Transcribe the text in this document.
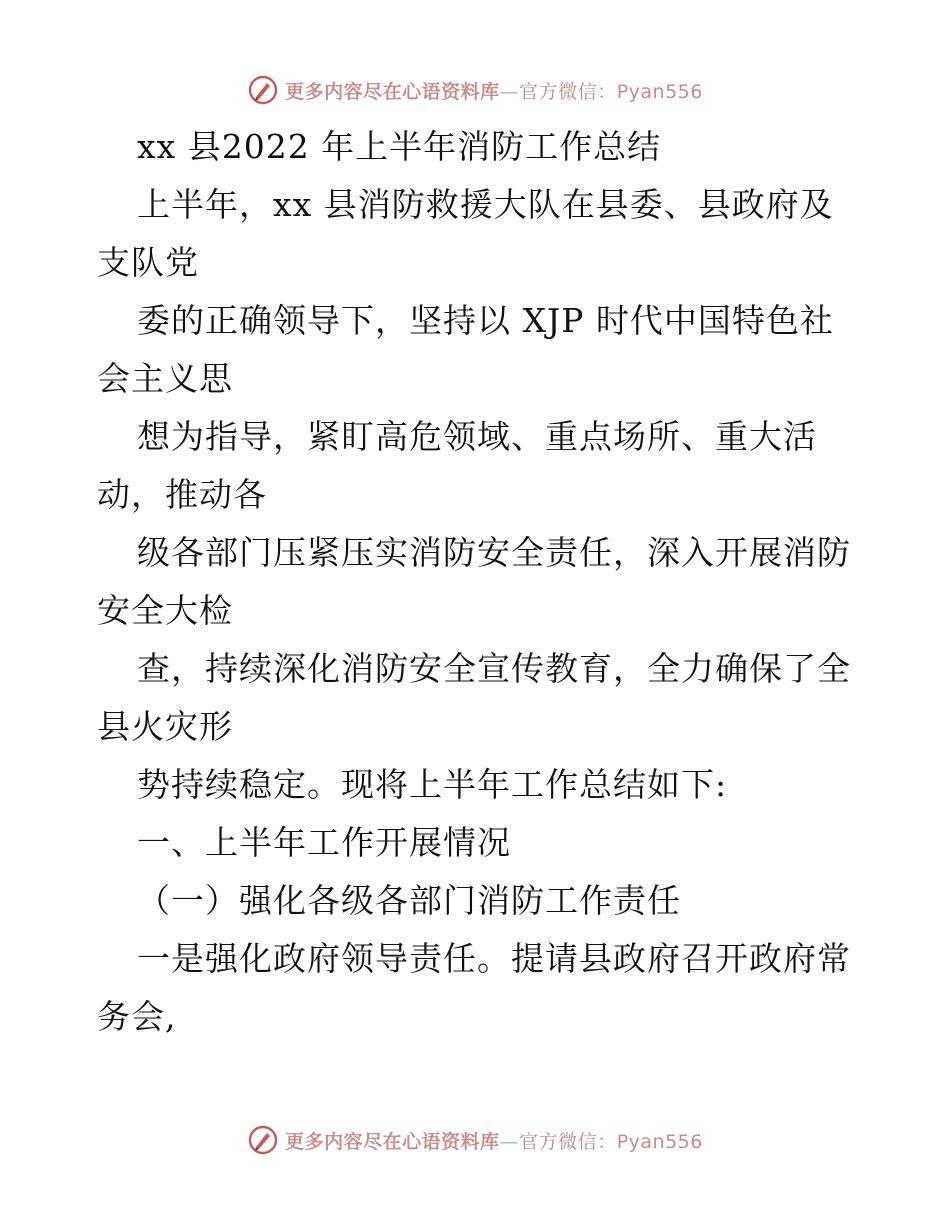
更多内容尽在心语资料库—官方微信：Pyan556
xx 县2022 年上半年消防工作总结
上半年，xx 县消防救援大队在县委、县政府及
支队党
委的正确领导下，坚持以 XJP 时代中国特色社
会主义思
想为指导，紧盯高危领域、重点场所、重大活
动，推动各
级各部门压紧压实消防安全责任，深入开展消防
安全大检
查，持续深化消防安全宣传教育，全力确保了全
县火灾形
势持续稳定。现将上半年工作总结如下:
一、上半年工作开展情况
（一）强化各级各部门消防工作责任
一是强化政府领导责任。提请县政府召开政府常
务会,
更多内容尽在心语资料库—官方微信：Pyan556
